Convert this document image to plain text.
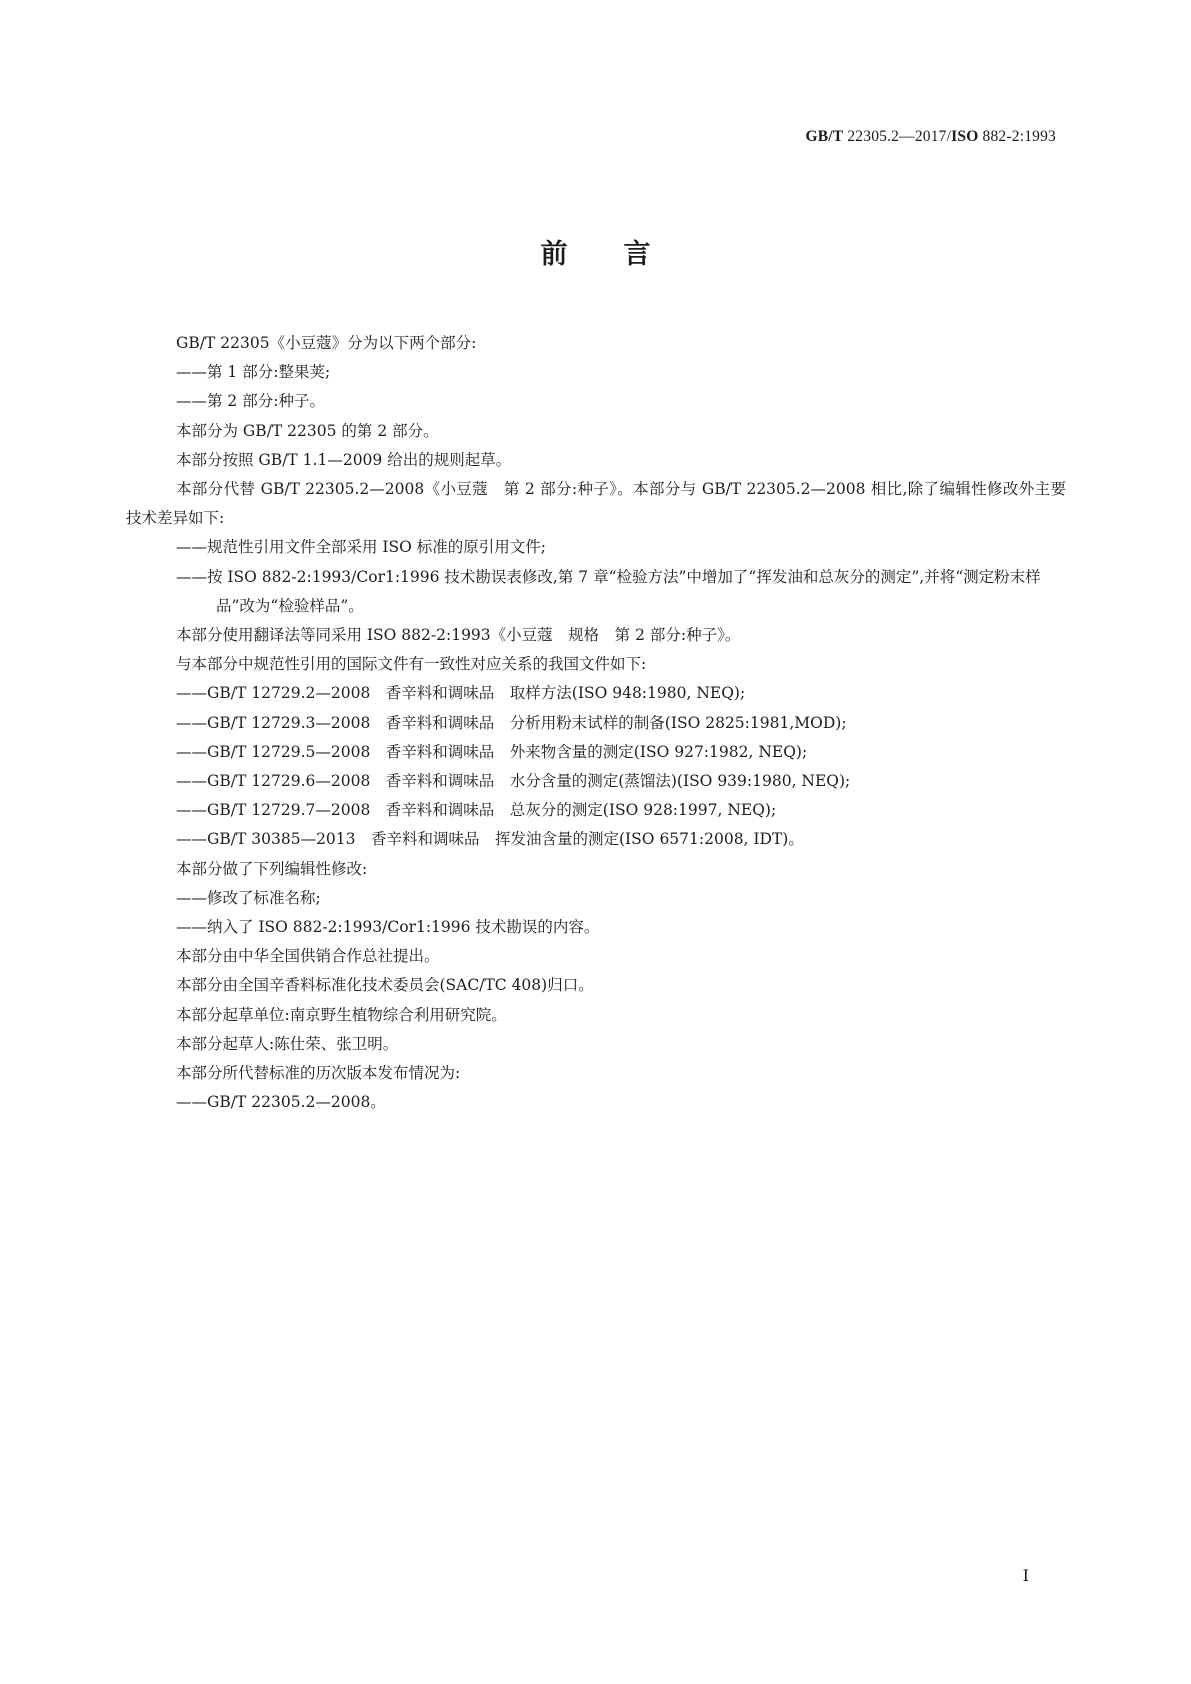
GB/T 22305.2—2017/ISO 882-2:1993
前言

GB/T 22305《小豆蔻》分为以下两个部分:

——第 1 部分:整果荚;

——第 2 部分:种子。

本部分为 GB/T 22305 的第 2 部分。

本部分按照 GB/T 1.1—2009 给出的规则起草。

本部分代替 GB/T 22305.2—2008《小豆蔻　第 2 部分:种子》。本部分与 GB/T 22305.2—2008 相比,除了编辑性修改外主要技术差异如下:

——规范性引用文件全部采用 ISO 标准的原引用文件;

——按 ISO 882-2:1993/Cor1:1996 技术勘误表修改,第 7 章“检验方法”中增加了“挥发油和总灰分的测定”,并将“测定粉末样品”改为“检验样品”。

本部分使用翻译法等同采用 ISO 882-2:1993《小豆蔻　规格　第 2 部分:种子》。

与本部分中规范性引用的国际文件有一致性对应关系的我国文件如下:

——GB/T 12729.2—2008　香辛料和调味品　取样方法(ISO 948:1980, NEQ);

——GB/T 12729.3—2008　香辛料和调味品　分析用粉末试样的制备(ISO 2825:1981,MOD);

——GB/T 12729.5—2008　香辛料和调味品　外来物含量的测定(ISO 927:1982, NEQ);

——GB/T 12729.6—2008　香辛料和调味品　水分含量的测定(蒸馏法)(ISO 939:1980, NEQ);

——GB/T 12729.7—2008　香辛料和调味品　总灰分的测定(ISO 928:1997, NEQ);

——GB/T 30385—2013　香辛料和调味品　挥发油含量的测定(ISO 6571:2008, IDT)。

本部分做了下列编辑性修改:

——修改了标准名称;

——纳入了 ISO 882-2:1993/Cor1:1996 技术勘误的内容。

本部分由中华全国供销合作总社提出。

本部分由全国辛香料标准化技术委员会(SAC/TC 408)归口。

本部分起草单位:南京野生植物综合利用研究院。

本部分起草人:陈仕荣、张卫明。

本部分所代替标准的历次版本发布情况为:

——GB/T 22305.2—2008。

I
